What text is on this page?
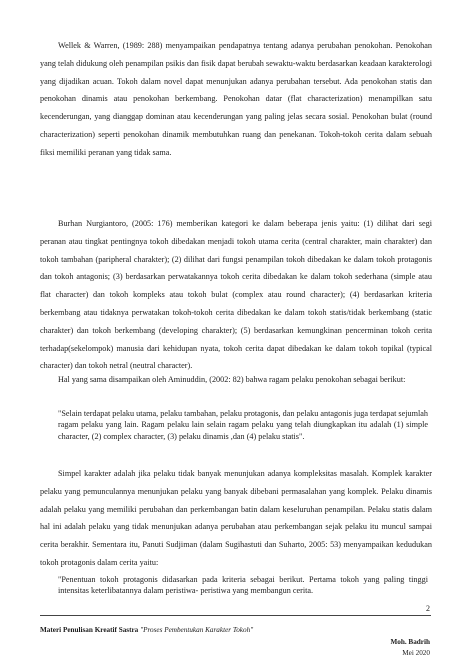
Wellek & Warren, (1989: 288) menyampaikan pendapatnya tentang adanya perubahan penokohan. Penokohan yang telah didukung oleh penampilan psikis dan fisik dapat berubah sewaktu-waktu berdasarkan keadaan karakterologi yang dijadikan acuan. Tokoh dalam novel dapat menunjukan adanya perubahan tersebut. Ada penokohan statis dan penokohan dinamis atau penokohan berkembang. Penokohan datar (flat characterization) menampilkan satu kecenderungan, yang dianggap dominan atau kecenderungan yang paling jelas secara sosial. Penokohan bulat (round characterization) seperti penokohan dinamik membutuhkan ruang dan penekanan. Tokoh-tokoh cerita dalam sebuah fiksi memiliki peranan yang tidak sama.

Burhan Nurgiantoro, (2005: 176) memberikan kategori ke dalam beberapa jenis yaitu: (1) dilihat dari segi peranan atau tingkat pentingnya tokoh dibedakan menjadi tokoh utama cerita (central charakter, main charakter) dan tokoh tambahan (paripheral charakter); (2) dilihat dari fungsi penampilan tokoh dibedakan ke dalam tokoh protagonis dan tokoh antagonis; (3) berdasarkan perwatakannya tokoh cerita dibedakan ke dalam tokoh sederhana (simple atau flat character) dan tokoh kompleks atau tokoh bulat (complex atau round character); (4) berdasarkan kriteria berkembang atau tidaknya perwatakan tokoh-tokoh cerita dibedakan ke dalam tokoh statis/tidak berkembang (static charakter) dan tokoh berkembang (developing charakter); (5) berdasarkan kemungkinan pencerminan tokoh cerita terhadap(sekelompok) manusia dari kehidupan nyata, tokoh cerita dapat dibedakan ke dalam tokoh topikal (typical character) dan tokoh netral (neutral character).

Hal yang sama disampaikan oleh Aminuddin, (2002: 82) bahwa ragam pelaku penokohan sebagai berikut:

"Selain terdapat pelaku utama, pelaku tambahan, pelaku protagonis, dan pelaku antagonis juga terdapat sejumlah ragam pelaku yang lain. Ragam pelaku lain selain ragam pelaku yang telah diungkapkan itu adalah (1) simple character, (2) complex character, (3) pelaku dinamis ,dan (4) pelaku statis".

Simpel karakter adalah jika pelaku tidak banyak menunjukan adanya kompleksitas masalah. Komplek karakter pelaku yang pemunculannya menunjukan pelaku yang banyak dibebani permasalahan yang komplek. Pelaku dinamis adalah pelaku yang memiliki perubahan dan perkembangan batin dalam keseluruhan penampilan. Pelaku statis dalam hal ini adalah pelaku yang tidak menunjukan adanya perubahan atau perkembangan sejak pelaku itu muncul sampai cerita berakhir. Sementara itu, Panuti Sudjiman (dalam Sugihastuti dan Suharto, 2005: 53) menyampaikan kedudukan tokoh protagonis dalam cerita yaitu:

"Penentuan tokoh protagonis didasarkan pada kriteria sebagai berikut. Pertama tokoh yang paling tinggi intensitas keterlibatannya dalam peristiwa- peristiwa yang membangun cerita.

2
Materi Penulisan Kreatif Sastra "Proses Pembentukan Karakter Tokoh"
Moh. Badrih
Mei 2020
